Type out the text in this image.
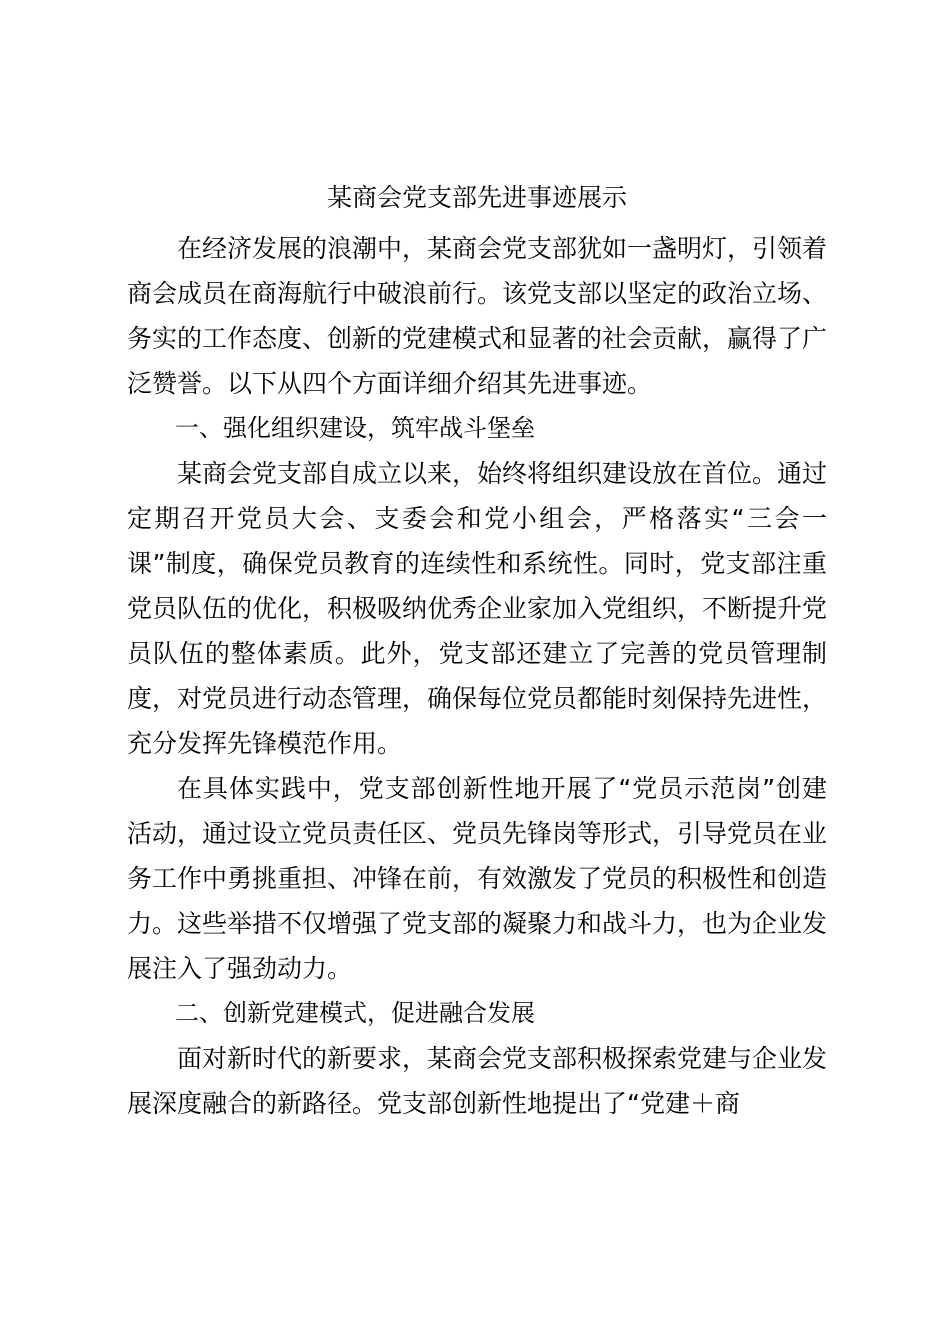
某商会党支部先进事迹展示

在经济发展的浪潮中，某商会党支部犹如一盏明灯，引领着商会成员在商海航行中破浪前行。该党支部以坚定的政治立场、务实的工作态度、创新的党建模式和显著的社会贡献，赢得了广泛赞誉。以下从四个方面详细介绍其先进事迹。

一、强化组织建设，筑牢战斗堡垒

某商会党支部自成立以来，始终将组织建设放在首位。通过定期召开党员大会、支委会和党小组会，严格落实“三会一课”制度，确保党员教育的连续性和系统性。同时，党支部注重党员队伍的优化，积极吸纳优秀企业家加入党组织，不断提升党员队伍的整体素质。此外，党支部还建立了完善的党员管理制度，对党员进行动态管理，确保每位党员都能时刻保持先进性，充分发挥先锋模范作用。

在具体实践中，党支部创新性地开展了“党员示范岗”创建活动，通过设立党员责任区、党员先锋岗等形式，引导党员在业务工作中勇挑重担、冲锋在前，有效激发了党员的积极性和创造力。这些举措不仅增强了党支部的凝聚力和战斗力，也为企业发展注入了强劲动力。

二、创新党建模式，促进融合发展

面对新时代的新要求，某商会党支部积极探索党建与企业发展深度融合的新路径。党支部创新性地提出了“党建＋商
